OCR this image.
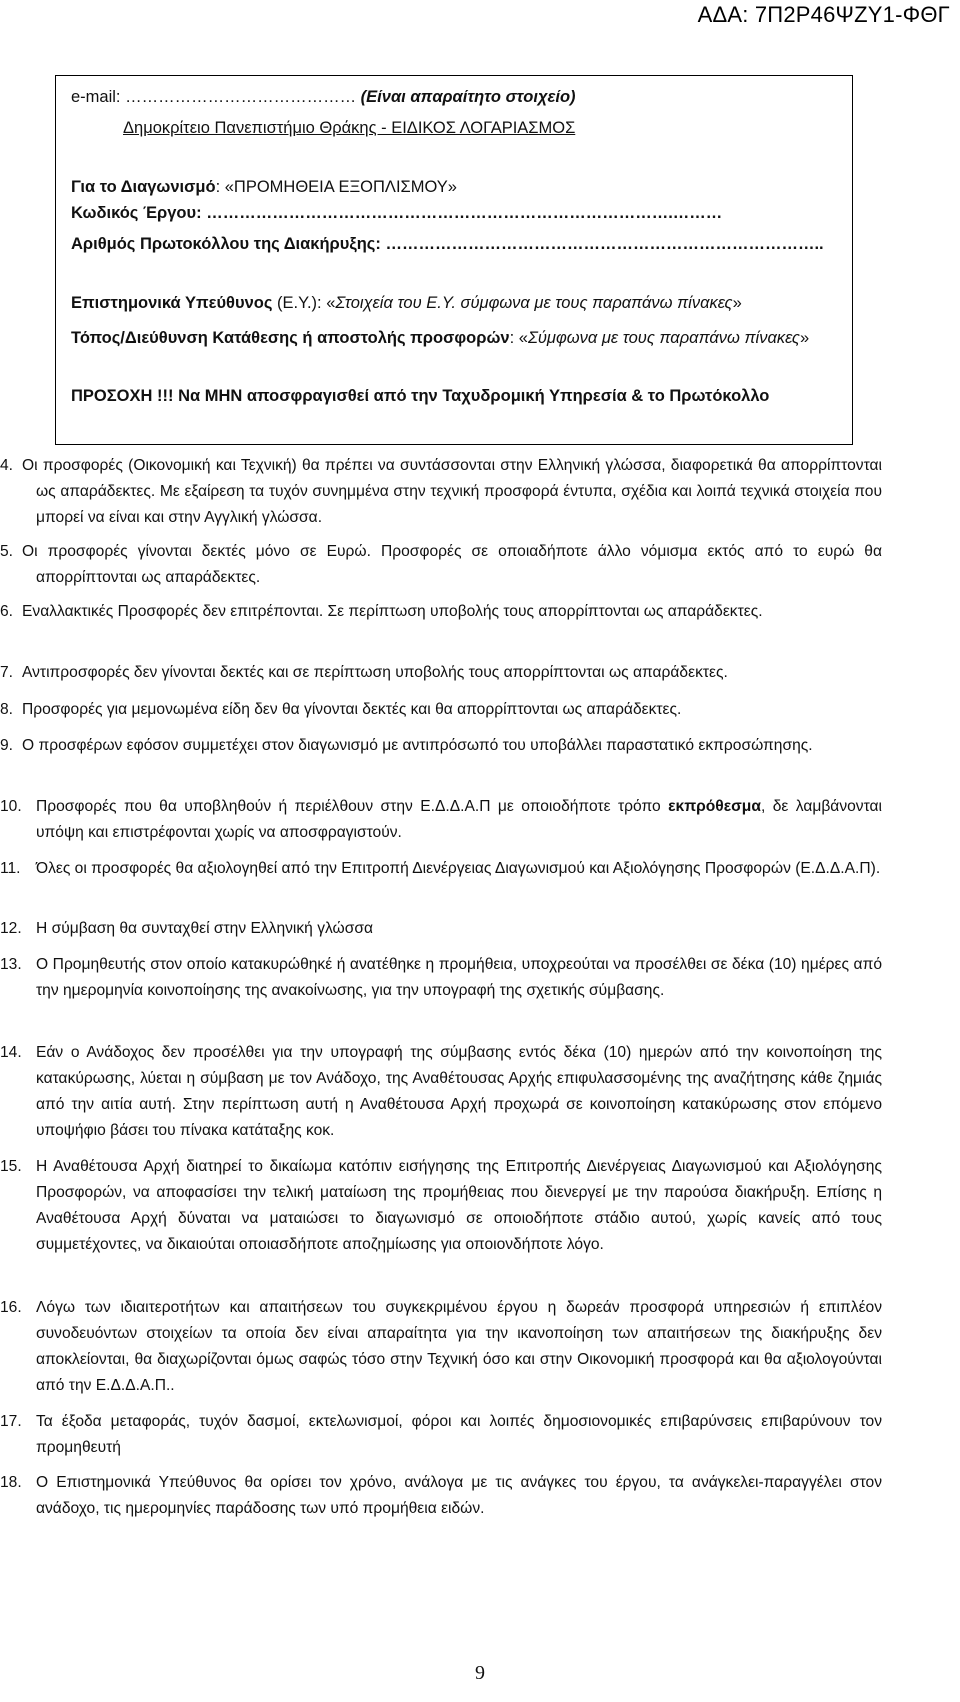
ΑΔΑ: 7Π2Ρ46ΨΖΥ1-ΦΘΓ
e-mail: …………………………………… (Είναι απαραίτητο στοιχείο)
Δημοκρίτειο Πανεπιστήμιο Θράκης - ΕΙΔΙΚΟΣ ΛΟΓΑΡΙΑΣΜΟΣ
Για το Διαγωνισμό: «ΠΡΟΜΗΘΕΙΑ ΕΞΟΠΛΙΣΜΟΥ»
Κωδικός Έργου: ………………………………………………………………………….………
Αριθμός Πρωτοκόλλου της Διακήρυξης: ……………………………………………………………………..
Επιστημονικά Υπεύθυνος (Ε.Υ.): «Στοιχεία του Ε.Υ. σύμφωνα με τους παραπάνω πίνακες»
Τόπος/Διεύθυνση Κατάθεσης ή αποστολής προσφορών: «Σύμφωνα με τους παραπάνω πίνακες»
ΠΡΟΣΟΧΗ !!! Να ΜΗΝ αποσφραγισθεί από την Ταχυδρομική Υπηρεσία & το Πρωτόκολλο
4. Οι προσφορές (Οικονομική και Τεχνική) θα πρέπει να συντάσσονται στην Ελληνική γλώσσα, διαφορετικά θα απορρίπτονται ως απαράδεκτες. Με εξαίρεση τα τυχόν συνημμένα στην τεχνική προσφορά έντυπα, σχέδια και λοιπά τεχνικά στοιχεία που μπορεί να είναι και στην Αγγλική γλώσσα.
5. Οι προσφορές γίνονται δεκτές μόνο σε Ευρώ. Προσφορές σε οποιαδήποτε άλλο νόμισμα εκτός από το ευρώ θα απορρίπτονται ως απαράδεκτες.
6. Εναλλακτικές Προσφορές δεν επιτρέπονται. Σε περίπτωση υποβολής τους απορρίπτονται ως απαράδεκτες.
7. Αντιπροσφορές δεν γίνονται δεκτές και σε περίπτωση υποβολής τους απορρίπτονται ως απαράδεκτες.
8. Προσφορές για μεμονωμένα είδη δεν θα γίνονται δεκτές και θα απορρίπτονται ως απαράδεκτες.
9. Ο προσφέρων εφόσον συμμετέχει στον διαγωνισμό με αντιπρόσωπό του υποβάλλει παραστατικό εκπροσώπησης.
10. Προσφορές που θα υποβληθούν ή περιέλθουν στην Ε.Δ.Δ.Α.Π με οποιοδήποτε τρόπο εκπρόθεσμα, δε λαμβάνονται υπόψη και επιστρέφονται χωρίς να αποσφραγιστούν.
11. Όλες οι προσφορές θα αξιολογηθεί από την Επιτροπή Διενέργειας Διαγωνισμού και Αξιολόγησης Προσφορών (Ε.Δ.Δ.Α.Π).
12. Η σύμβαση θα συνταχθεί στην Ελληνική γλώσσα
13. Ο Προμηθευτής στον οποίο κατακυρώθηκέ ή ανατέθηκε η προμήθεια, υποχρεούται να προσέλθει σε δέκα (10) ημέρες από την ημερομηνία κοινοποίησης της ανακοίνωσης, για την υπογραφή της σχετικής σύμβασης.
14. Εάν ο Ανάδοχος δεν προσέλθει για την υπογραφή της σύμβασης εντός δέκα (10) ημερών από την κοινοποίηση της κατακύρωσης, λύεται η σύμβαση με τον Ανάδοχο, της Αναθέτουσας Αρχής επιφυλασσομένης της αναζήτησης κάθε ζημιάς από την αιτία αυτή. Στην περίπτωση αυτή η Αναθέτουσα Αρχή προχωρά σε κοινοποίηση κατακύρωσης στον επόμενο υποψήφιο βάσει του πίνακα κατάταξης κοκ.
15. Η Αναθέτουσα Αρχή διατηρεί το δικαίωμα κατόπιν εισήγησης της Επιτροπής Διενέργειας Διαγωνισμού και Αξιολόγησης Προσφορών, να αποφασίσει την τελική ματαίωση της προμήθειας που διενεργεί με την παρούσα διακήρυξη. Επίσης η Αναθέτουσα Αρχή δύναται να ματαιώσει το διαγωνισμό σε οποιοδήποτε στάδιο αυτού, χωρίς κανείς από τους συμμετέχοντες, να δικαιούται οποιασδήποτε αποζημίωσης για οποιονδήποτε λόγο.
16. Λόγω των ιδιαιτεροτήτων και απαιτήσεων του συγκεκριμένου έργου η δωρεάν προσφορά υπηρεσιών ή επιπλέον συνοδευόντων στοιχείων τα οποία δεν είναι απαραίτητα για την ικανοποίηση των απαιτήσεων της διακήρυξης δεν αποκλείονται, θα διαχωρίζονται όμως σαφώς τόσο στην Τεχνική όσο και στην Οικονομική προσφορά και θα αξιολογούνται από την Ε.Δ.Δ.Α.Π..
17. Τα έξοδα μεταφοράς, τυχόν δασμοί, εκτελωνισμοί, φόροι και λοιπές δημοσιονομικές επιβαρύνσεις επιβαρύνουν τον προμηθευτή
18. Ο Επιστημονικά Υπεύθυνος θα ορίσει τον χρόνο, ανάλογα με τις ανάγκες του έργου, τα ανάγκελει-παραγγέλει στον ανάδοχο, τις ημερομηνίες παράδοσης των υπό προμήθεια ειδών.
9
